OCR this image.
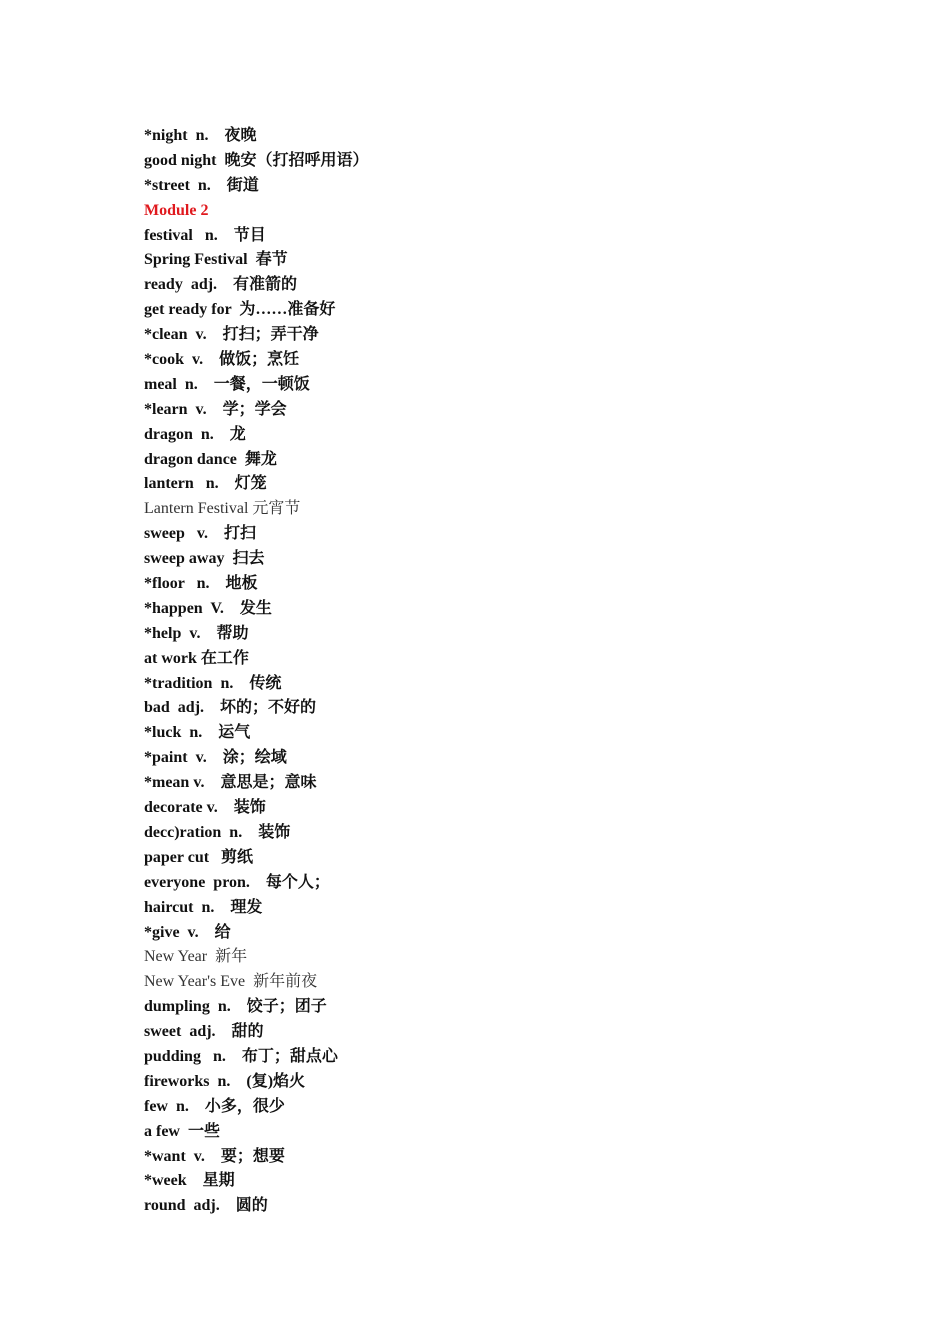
*night  n.    夜晚
good night  晚安（打招呼用语）
*street  n.    街道
Module 2
festival   n.    节目
Spring Festival  春节
ready  adj.    有准箭的
get ready for  为……准备好
*clean  v.    打扫；弄干净
*cook  v.    做饭；烹饪
meal  n.    一餐，一顿饭
*learn  v.    学；学会
dragon  n.    龙
dragon dance  舞龙
lantern   n.    灯笼
Lantern Festival 元宵节
sweep   v.    打扫
sweep away  扫去
*floor   n.    地板
*happen  V.    发生
*help  v.    帮助
at work 在工作
*tradition  n.    传统
bad  adj.    坏的；不好的
*luck  n.    运气
*paint  v.    涂；绘域
*mean v.    意思是；意味
decorate v.    装饰
decc)ration  n.    装饰
paper cut   剪纸
everyone  pron.    每个人；
haircut  n.    理发
*give  v.    给
New Year  新年
New Year's Eve  新年前夜
dumpling  n.    饺子；团子
sweet  adj.    甜的
pudding   n.    布丁；甜点心
fireworks  n.    (复)焰火
few  n.    小多，很少
a few  一些
*want  v.    要；想要
*week    星期
round  adj.    圆的
